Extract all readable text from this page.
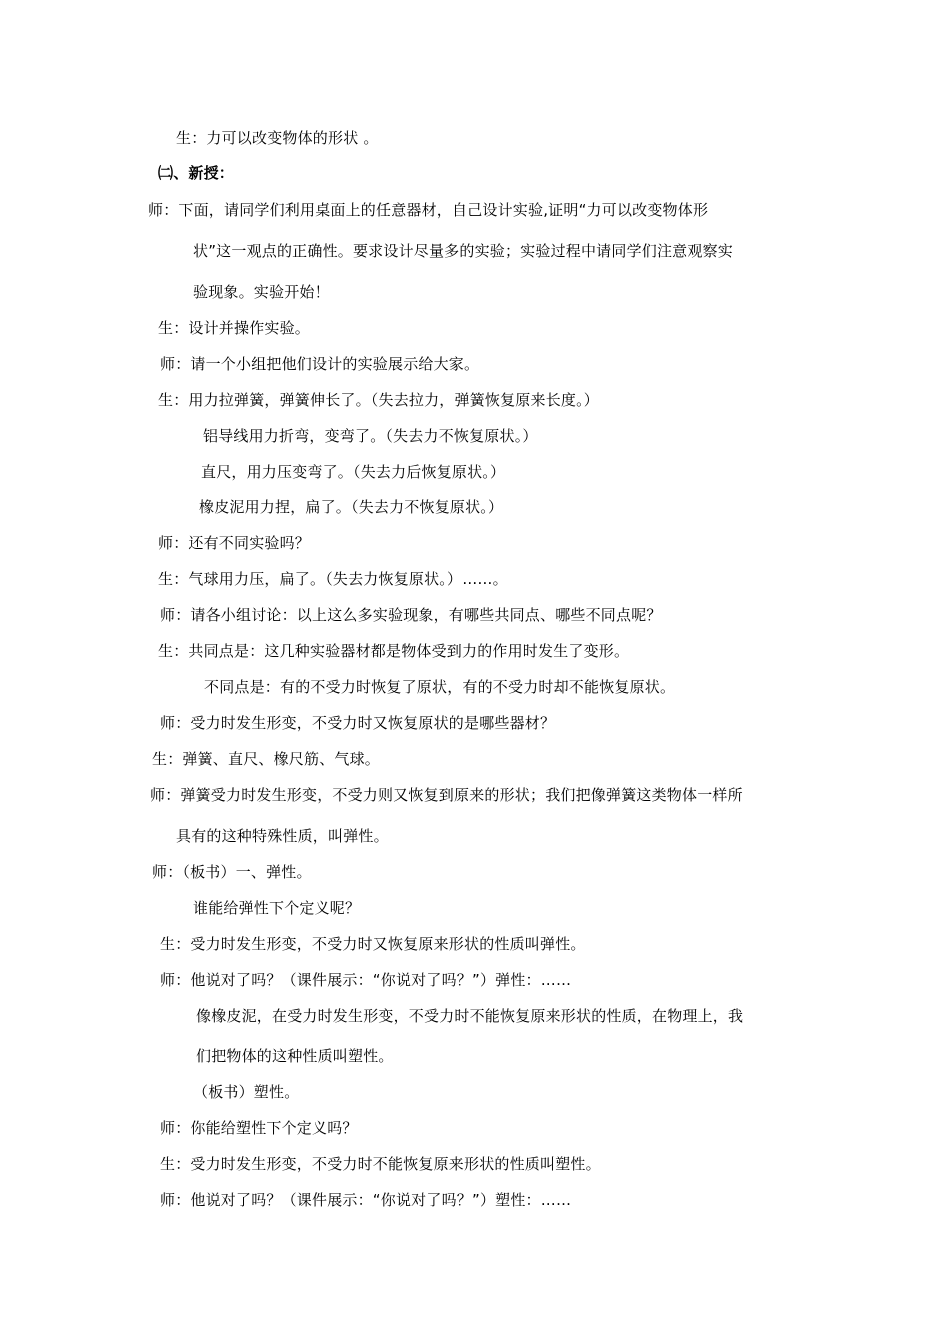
生：力可以改变物体的形状 。
㈡、新授：
师：下面，请同学们利用桌面上的任意器材，自己设计实验,证明“力可以改变物体形
状”这一观点的正确性。要求设计尽量多的实验；实验过程中请同学们注意观察实
验现象。实验开始！
生：设计并操作实验。
师：请一个小组把他们设计的实验展示给大家。
生：用力拉弹簧，弹簧伸长了。（失去拉力，弹簧恢复原来长度。）
铝导线用力折弯，变弯了。（失去力不恢复原状。）
直尺，用力压变弯了。（失去力后恢复原状。）
橡皮泥用力捏，扁了。（失去力不恢复原状。）
师：还有不同实验吗？
生：气球用力压，扁了。（失去力恢复原状。）……。
师：请各小组讨论：以上这么多实验现象，有哪些共同点、哪些不同点呢？
生：共同点是：这几种实验器材都是物体受到力的作用时发生了变形。
不同点是：有的不受力时恢复了原状，有的不受力时却不能恢复原状。
师：受力时发生形变，不受力时又恢复原状的是哪些器材？
生：弹簧、直尺、橡尺筋、气球。
师：弹簧受力时发生形变，不受力则又恢复到原来的形状；我们把像弹簧这类物体一样所
具有的这种特殊性质，叫弹性。
师：（板书）一、弹性。
谁能给弹性下个定义呢？
生：受力时发生形变，不受力时又恢复原来形状的性质叫弹性。
师：他说对了吗？（课件展示：“你说对了吗？”）弹性：……
像橡皮泥，在受力时发生形变，不受力时不能恢复原来形状的性质，在物理上，我
们把物体的这种性质叫塑性。
（板书）塑性。
师：你能给塑性下个定义吗？
生：受力时发生形变，不受力时不能恢复原来形状的性质叫塑性。
师：他说对了吗？（课件展示：“你说对了吗？”）塑性：……
